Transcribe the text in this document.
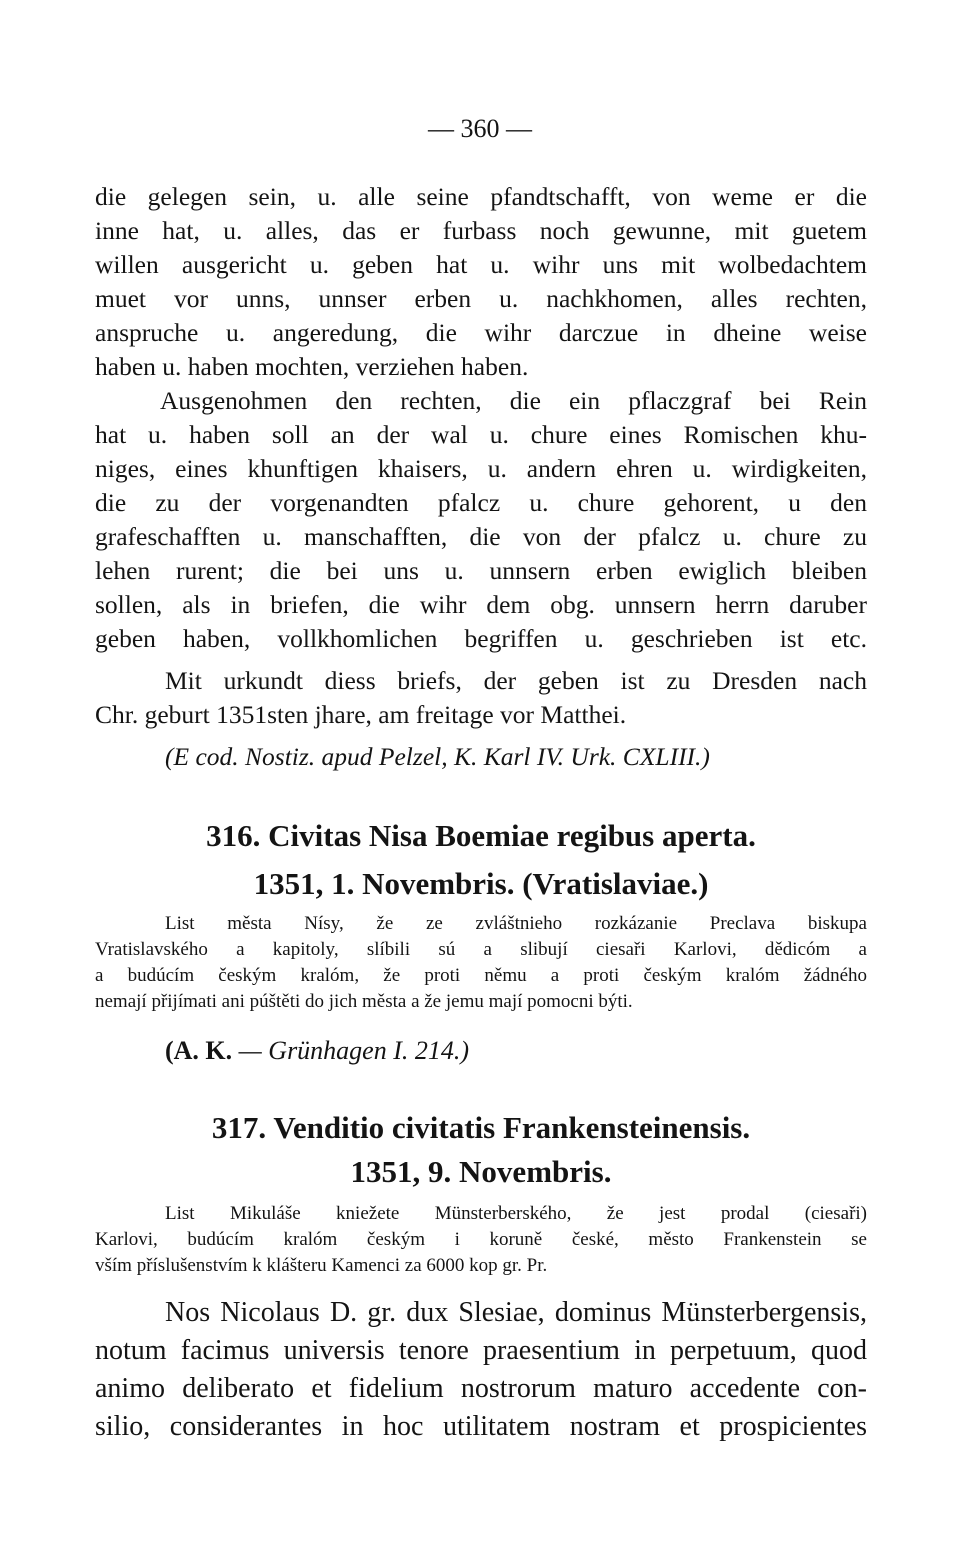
— 360 —
die gelegen sein, u. alle seine pfandtschafft, von weme er die
inne hat, u. alles, das er furbass noch gewunne, mit guetem
willen ausgericht u. geben hat u. wihr uns mit wolbedachtem
muet vor unns, unnser erben u. nachkhomen, alles rechten,
anspruche u. angeredung, die wihr darczue in dheine weise
haben u. haben mochten, verziehen haben.
Ausgenohmen den rechten, die ein pflaczgraf bei Rein
hat u. haben soll an der wal u. chure eines Romischen khu-
niges, eines khunftigen khaisers, u. andern ehren u. wirdigkeiten,
die zu der vorgenandten pfalcz u. chure gehorent, u den
grafeschafften u. manschafften, die von der pfalcz u. chure zu
lehen rurent; die bei uns u. unnsern erben ewiglich bleiben
sollen, als in briefen, die wihr dem obg. unnsern herrn daruber
geben haben, vollkhomlichen begriffen u. geschrieben ist etc.
Mit urkundt diess briefs, der geben ist zu Dresden nach
Chr. geburt 1351sten jhare, am freitage vor Matthei.
(E cod. Nostiz. apud Pelzel, K. Karl IV. Urk. CXLIII.)
316. Civitas Nisa Boemiae regibus aperta.
1351, 1. Novembris. (Vratislaviae.)
List města Nísy, že ze zvláštnieho rozkázanie Preclava biskupa
Vratislavského a kapitoly, slíbili sú a slibují ciesaři Karlovi, dědicóm a
a budúcím českým kralóm, že proti němu a proti českým kralóm žádného
nemají přijímati ani púštěti do jich města a že jemu mají pomocni býti.
(A. K. — Grünhagen I. 214.)
317. Venditio civitatis Frankensteinensis.
1351, 9. Novembris.
List Mikuláše kniežete Münsterberského, že jest prodal (ciesaři)
Karlovi, budúcím kralóm českým i koruně české, město Frankenstein se
vším příslušenstvím k klášteru Kamenci za 6000 kop gr. Pr.
Nos Nicolaus D. gr. dux Slesiae, dominus Münsterbergensis,
notum facimus universis tenore praesentium in perpetuum, quod
animo deliberato et fidelium nostrorum maturo accedente con-
silio, considerantes in hoc utilitatem nostram et prospicientes
